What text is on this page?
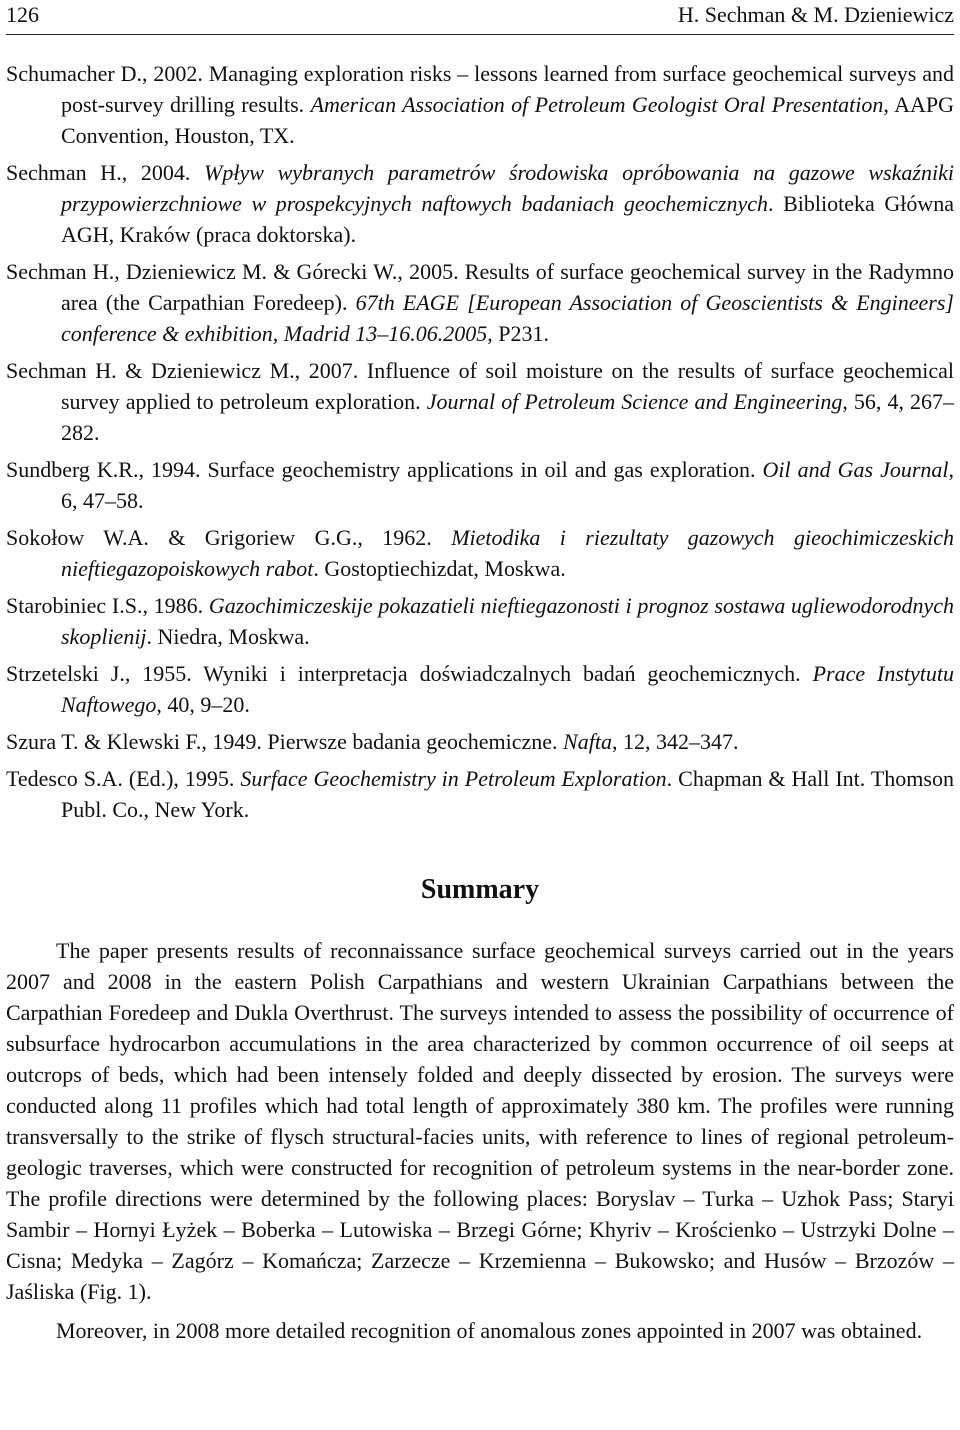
126	H. Sechman & M. Dzieniewicz

Schumacher D., 2002. Managing exploration risks – lessons learned from surface geochemical surveys and post-survey drilling results. American Association of Petroleum Geologist Oral Presentation, AAPG Convention, Houston, TX.

Sechman H., 2004. Wpływ wybranych parametrów środowiska opróbowania na gazowe wskaźniki przypowierzchniowe w prospekcyjnych naftowych badaniach geochemicznych. Biblioteka Główna AGH, Kraków (praca doktorska).

Sechman H., Dzieniewicz M. & Górecki W., 2005. Results of surface geochemical survey in the Radymno area (the Carpathian Foredeep). 67th EAGE [European Association of Geoscientists & Engineers] conference & exhibition, Madrid 13–16.06.2005, P231.

Sechman H. & Dzieniewicz M., 2007. Influence of soil moisture on the results of surface geochemical survey applied to petroleum exploration. Journal of Petroleum Science and Engineering, 56, 4, 267–282.

Sundberg K.R., 1994. Surface geochemistry applications in oil and gas exploration. Oil and Gas Journal, 6, 47–58.

Sokołow W.A. & Grigoriew G.G., 1962. Mietodika i riezultaty gazowych gieochimiczeskich nieftiegazopoiskowych rabot. Gostoptiechizdat, Moskwa.

Starobiniec I.S., 1986. Gazochimiczeskije pokazatieli nieftiegazonosti i prognoz sostawa ugliewodorodnych skoplienij. Niedra, Moskwa.

Strzetelski J., 1955. Wyniki i interpretacja doświadczalnych badań geochemicznych. Prace Instytutu Naftowego, 40, 9–20.

Szura T. & Klewski F., 1949. Pierwsze badania geochemiczne. Nafta, 12, 342–347.

Tedesco S.A. (Ed.), 1995. Surface Geochemistry in Petroleum Exploration. Chapman & Hall Int. Thomson Publ. Co., New York.

Summary

The paper presents results of reconnaissance surface geochemical surveys carried out in the years 2007 and 2008 in the eastern Polish Carpathians and western Ukrainian Carpathians between the Carpathian Foredeep and Dukla Overthrust. The surveys intended to assess the possibility of occurrence of subsurface hydrocarbon accumulations in the area characterized by common occurrence of oil seeps at outcrops of beds, which had been intensely folded and deeply dissected by erosion. The surveys were conducted along 11 profiles which had total length of approximately 380 km. The profiles were running transversally to the strike of flysch structural-facies units, with reference to lines of regional petroleum-geologic traverses, which were constructed for recognition of petroleum systems in the near-border zone. The profile directions were determined by the following places: Boryslav – Turka – Uzhok Pass; Staryi Sambir – Hornyi Łyżek – Boberka – Lutowiska – Brzegi Górne; Khyriv – Krościenko – Ustrzyki Dolne – Cisna; Medyka – Zagórz – Komańcza; Zarzecze – Krzemienna – Bukowsko; and Husów – Brzozów – Jaśliska (Fig. 1).

Moreover, in 2008 more detailed recognition of anomalous zones appointed in 2007 was obtained.
